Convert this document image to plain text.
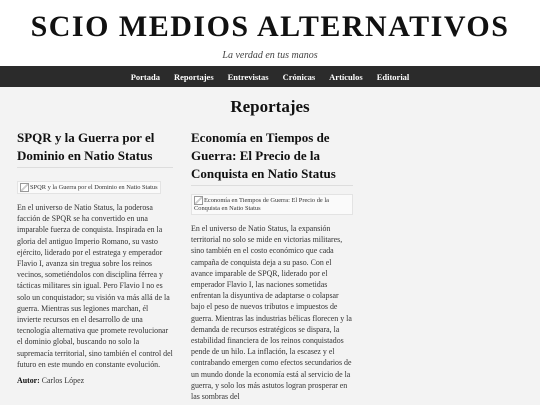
SCIO MEDIOS ALTERNATIVOS
La verdad en tus manos
Portada	Reportajes	Entrevistas	Crónicas	Artículos	Editorial
Reportajes
SPQR y la Guerra por el Dominio en Natio Status
SPQR y la Guerra por el Dominio en Natio Status

En el universo de Natio Status, la poderosa facción de SPQR se ha convertido en una imparable fuerza de conquista. Inspirada en la gloria del antiguo Imperio Romano, su vasto ejército, liderado por el estratega y emperador Flavio I, avanza sin tregua sobre los reinos vecinos, sometiéndolos con disciplina férrea y tácticas militares sin igual. Pero Flavio I no es solo un conquistador; su visión va más allá de la guerra. Mientras sus legiones marchan, él invierte recursos en el desarrollo de una tecnología alternativa que promete revolucionar el dominio global, buscando no solo la supremacía territorial, sino también el control del futuro en este mundo en constante evolución.

Autor: Carlos López
Economía en Tiempos de Guerra: El Precio de la Conquista en Natio Status
Economía en Tiempos de Guerra: El Precio de la Conquista en Natio Status

En el universo de Natio Status, la expansión territorial no solo se mide en victorias militares, sino también en el costo económico que cada campaña de conquista deja a su paso. Con el avance imparable de SPQR, liderado por el emperador Flavio I, las naciones sometidas enfrentan la disyuntiva de adaptarse o colapsar bajo el peso de nuevos tributos e impuestos de guerra. Mientras las industrias bélicas florecen y la demanda de recursos estratégicos se dispara, la estabilidad financiera de los reinos conquistados pende de un hilo. La inflación, la escasez y el contrabando emergen como efectos secundarios de un mundo donde la economía está al servicio de la guerra, y solo los más astutos logran prosperar en las sombras del
